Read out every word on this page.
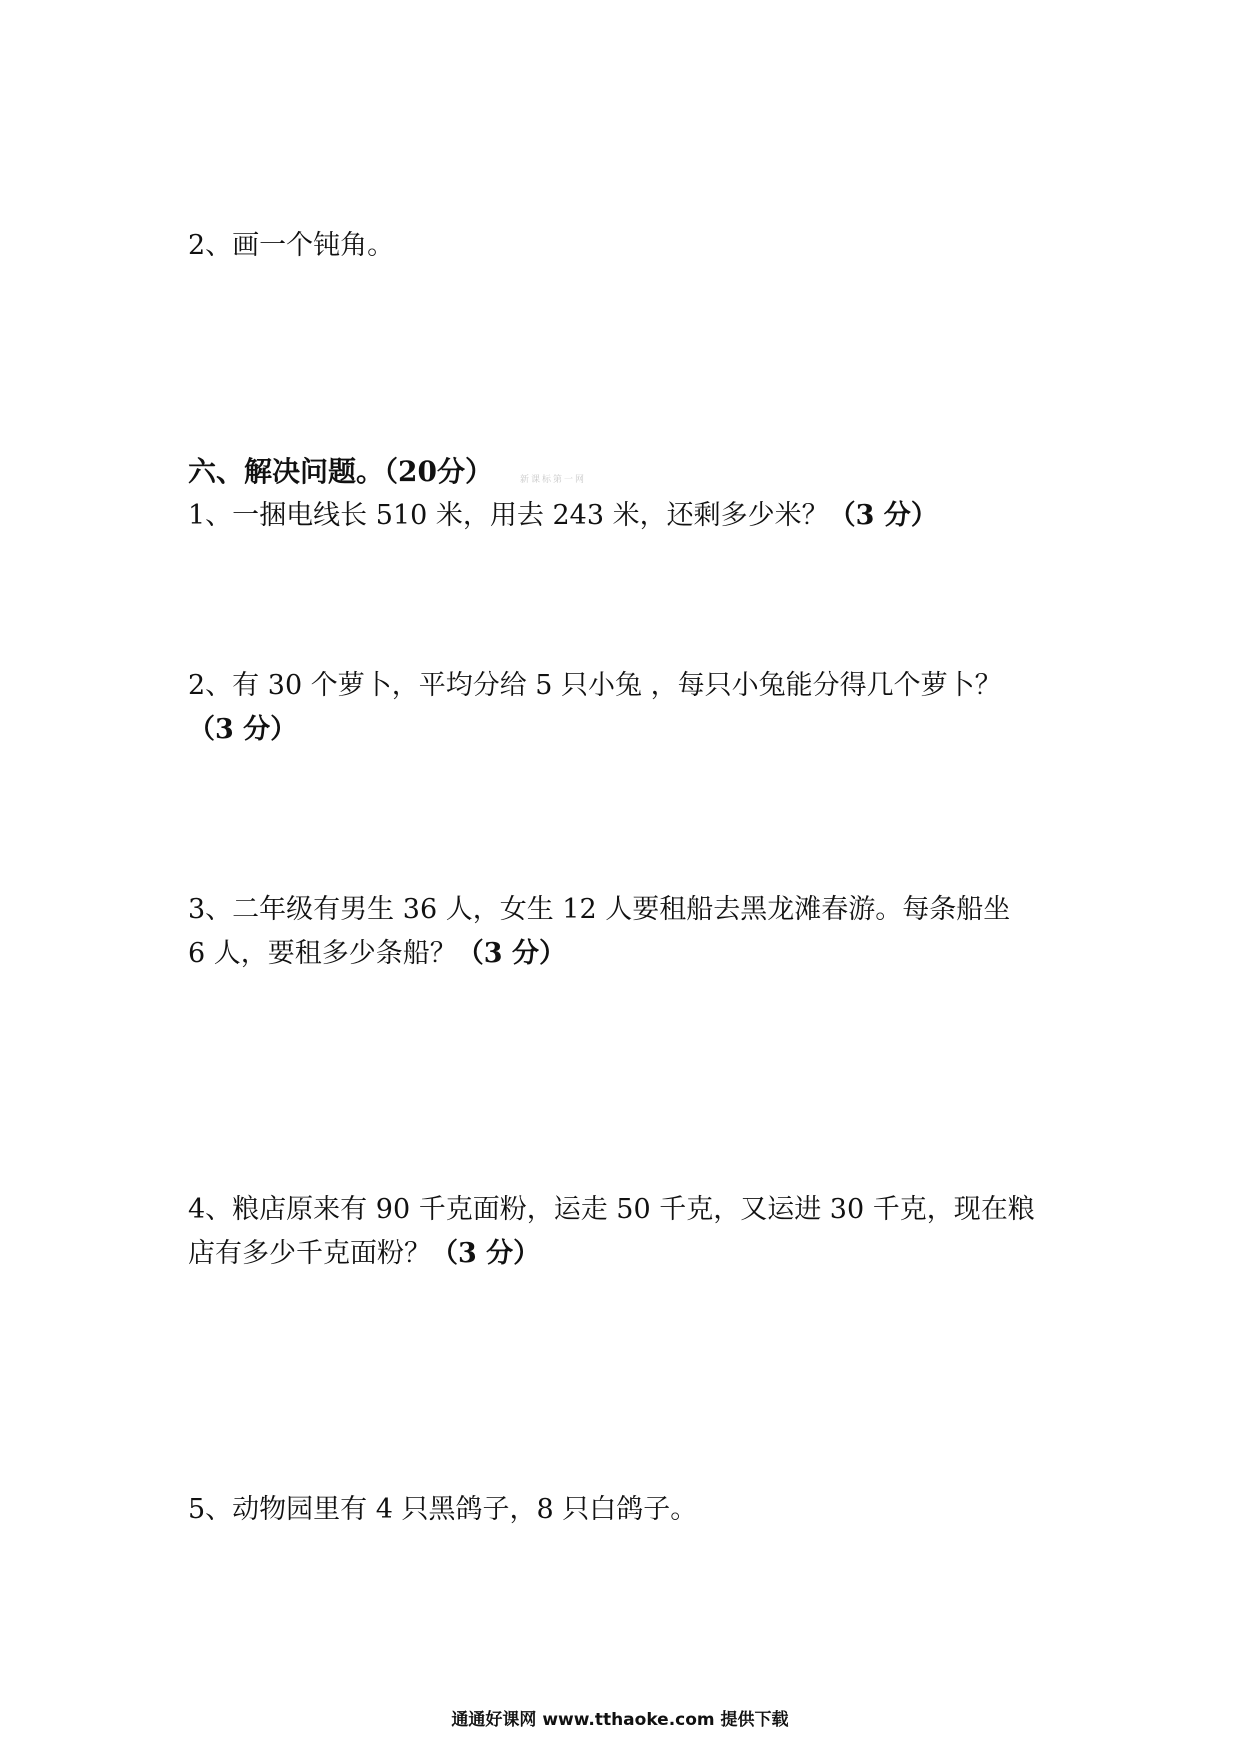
2、画一个钝角。
六、解决问题。（20分）	新课标第一网
1、一捆电线长 510 米，用去 243 米，还剩多少米？（3 分）
2、有 30 个萝卜，平均分给 5 只小兔 ，每只小兔能分得几个萝卜？
（3 分）
3、二年级有男生 36 人，女生 12 人要租船去黑龙滩春游。每条船坐
6 人，要租多少条船？（3 分）
4、粮店原来有 90 千克面粉，运走 50 千克，又运进 30 千克，现在粮
店有多少千克面粉？（3 分）
5、动物园里有 4 只黑鸽子，8 只白鸽子。
通通好课网 www.tthaoke.com 提供下载
